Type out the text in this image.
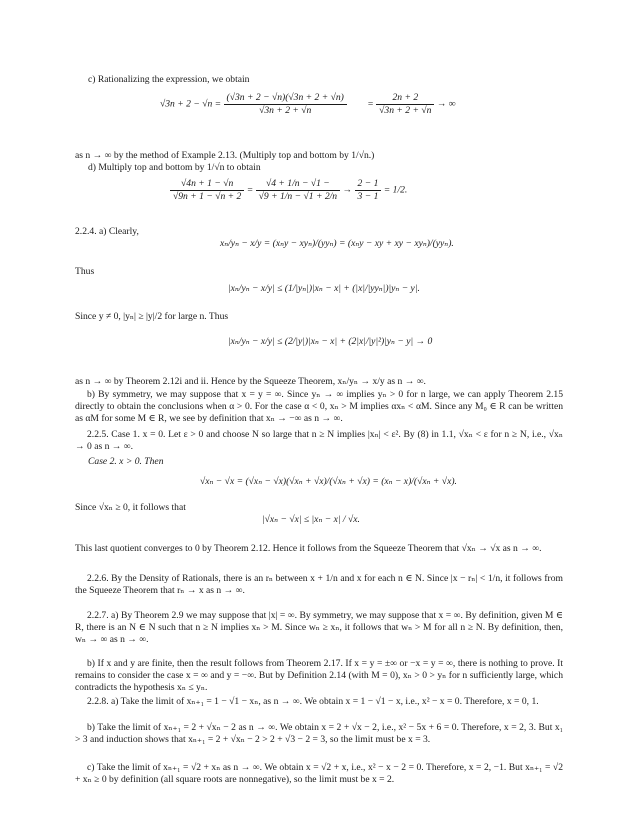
c) Rationalizing the expression, we obtain
$√3n + 2 - √n = \frac{(√3n + 2 - √n)(√3n + 2 + √n)}{√3n + 2 + √n} = \frac{2n + 2}{√3n + 2 + √n}$ → ∞
as n → ∞ by the method of Example 2.13. (Multiply top and bottom by 1/√n.)
d) Multiply top and bottom by 1/√n to obtain
$\frac{√4n + 1 - √n}{√9n + 1 - √n + 2} = \frac{√4 + 1/n - √1 -}{√9 + 1/n - √1 + 2/n} \to \frac{2 - 1}{3 - 1} = 1/2$.
2.2.4. a) Clearly,
xₙ/yₙ − x/y = (xₙy − xyₙ)/(yyₙ) = (xₙy − xy + xy − xyₙ)/(yyₙ).
Thus
|xₙ/yₙ − x/y| ≤ (1/|yₙ|)|xₙ − x| + (|x|/|yyₙ|)|yₙ − y|.
Since y ≠ 0, |yₙ| ≥ |y|/2 for large n. Thus
|xₙ/yₙ − x/y| ≤ (2/|y|)|xₙ − x| + (2|x|/|y|²)|yₙ − y| → 0
as n → ∞ by Theorem 2.12i and ii. Hence by the Squeeze Theorem, xₙ/yₙ → x/y as n → ∞.
b) By symmetry, we may suppose that x = y = ∞. Since yₙ → ∞ implies yₙ > 0 for n large, we can apply Theorem 2.15 directly to obtain the conclusions when α > 0. For the case α < 0, xₙ > M implies αxₙ < αM. Since any M₀ ∈ R can be written as αM for some M ∈ R, we see by definition that xₙ → −∞ as n → ∞.
2.2.5. Case 1. x = 0. Let ε > 0 and choose N so large that n ≥ N implies |xₙ| < ε². By (8) in 1.1, √xₙ < ε for n ≥ N, i.e., √xₙ → 0 as n → ∞.
Case 2. x > 0. Then
√xₙ − √x = (√xₙ − √x)(√xₙ + √x)/(√xₙ + √x) = (xₙ − x)/(√xₙ + √x).
Since √xₙ ≥ 0, it follows that
|√xₙ − √x| ≤ |xₙ − x| / √x.
This last quotient converges to 0 by Theorem 2.12. Hence it follows from the Squeeze Theorem that √xₙ → √x as n → ∞.
2.2.6. By the Density of Rationals, there is an rₙ between x + 1/n and x for each n ∈ N. Since |x − rₙ| < 1/n, it follows from the Squeeze Theorem that rₙ → x as n → ∞.
2.2.7. a) By Theorem 2.9 we may suppose that |x| = ∞. By symmetry, we may suppose that x = ∞. By definition, given M ∈ R, there is an N ∈ N such that n ≥ N implies xₙ > M. Since wₙ ≥ xₙ, it follows that wₙ > M for all n ≥ N. By definition, then, wₙ → ∞ as n → ∞.
b) If x and y are finite, then the result follows from Theorem 2.17. If x = y = ±∞ or −x = y = ∞, there is nothing to prove. It remains to consider the case x = ∞ and y = −∞. But by Definition 2.14 (with M = 0), xₙ > 0 > yₙ for n sufficiently large, which contradicts the hypothesis xₙ ≤ yₙ.
2.2.8. a) Take the limit of xₙ₊₁ = 1 − √1 − xₙ, as n → ∞. We obtain x = 1 − √1 − x, i.e., x² − x = 0. Therefore, x = 0, 1.
b) Take the limit of xₙ₊₁ = 2 + √xₙ − 2 as n → ∞. We obtain x = 2 + √x − 2, i.e., x² − 5x + 6 = 0. Therefore, x = 2, 3. But x₁ > 3 and induction shows that xₙ₊₁ = 2 + √xₙ − 2 > 2 + √3 − 2 = 3, so the limit must be x = 3.
c) Take the limit of xₙ₊₁ = √2 + xₙ as n → ∞. We obtain x = √2 + x, i.e., x² − x − 2 = 0. Therefore, x = 2, −1. But xₙ₊₁ = √2 + xₙ ≥ 0 by definition (all square roots are nonnegative), so the limit must be x = 2.
